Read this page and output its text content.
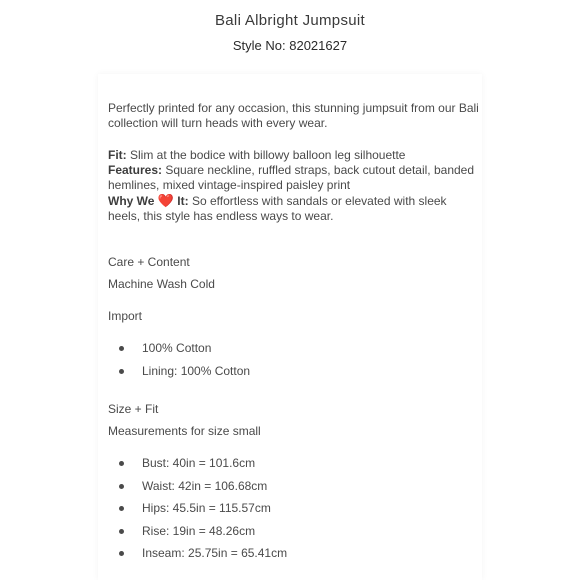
Bali Albright Jumpsuit
Style No: 82021627
Perfectly printed for any occasion, this stunning jumpsuit from our Bali collection will turn heads with every wear.

Fit: Slim at the bodice with billowy balloon leg silhouette

Features: Square neckline, ruffled straps, back cutout detail, banded hemlines, mixed vintage-inspired paisley print

Why We ❤️ It: So effortless with sandals or elevated with sleek heels, this style has endless ways to wear.

Care + Content
Machine Wash Cold
Import
100% Cotton
Lining: 100% Cotton
Size + Fit
Measurements for size small
Bust: 40in = 101.6cm
Waist: 42in = 106.68cm
Hips: 45.5in = 115.57cm
Rise: 19in = 48.26cm
Inseam: 25.75in = 65.41cm
